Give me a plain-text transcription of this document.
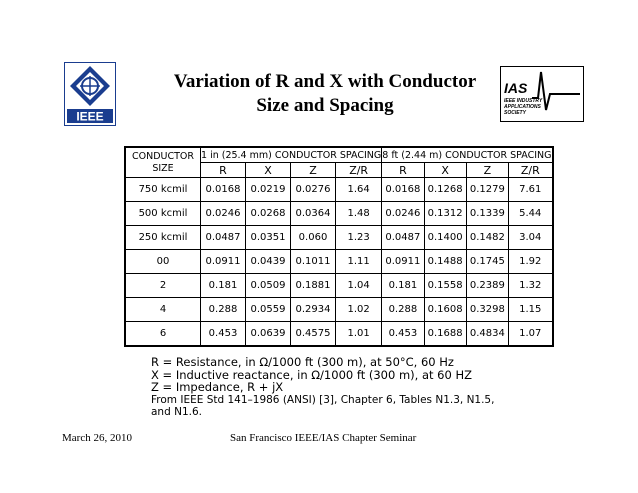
IEEE
IAS
IEEE INDUSTRY
APPLICATIONS
SOCIETY
Variation of R and X with Conductor
Size and Spacing
CONDUCTOR
SIZE	1 in (25.4 mm) CONDUCTOR SPACING				8 ft (2.44 m) CONDUCTOR SPACING			
	R	X	Z	Z/R	R	X	Z	Z/R
750 kcmil	0.0168	0.0219	0.0276	1.64	0.0168	0.1268	0.1279	7.61
500 kcmil	0.0246	0.0268	0.0364	1.48	0.0246	0.1312	0.1339	5.44
250 kcmil	0.0487	0.0351	0.060	1.23	0.0487	0.1400	0.1482	3.04
00	0.0911	0.0439	0.1011	1.11	0.0911	0.1488	0.1745	1.92
2	0.181	0.0509	0.1881	1.04	0.181	0.1558	0.2389	1.32
4	0.288	0.0559	0.2934	1.02	0.288	0.1608	0.3298	1.15
6	0.453	0.0639	0.4575	1.01	0.453	0.1688	0.4834	1.07
R = Resistance, in Ω/1000 ft (300 m), at 50°C, 60 Hz
X = Inductive reactance, in Ω/1000 ft (300 m), at 60 HZ
Z = Impedance, R + jX
From IEEE Std 141–1986 (ANSI) [3], Chapter 6, Tables N1.3, N1.5,
and N1.6.
March 26, 2010	San Francisco IEEE/IAS Chapter Seminar
